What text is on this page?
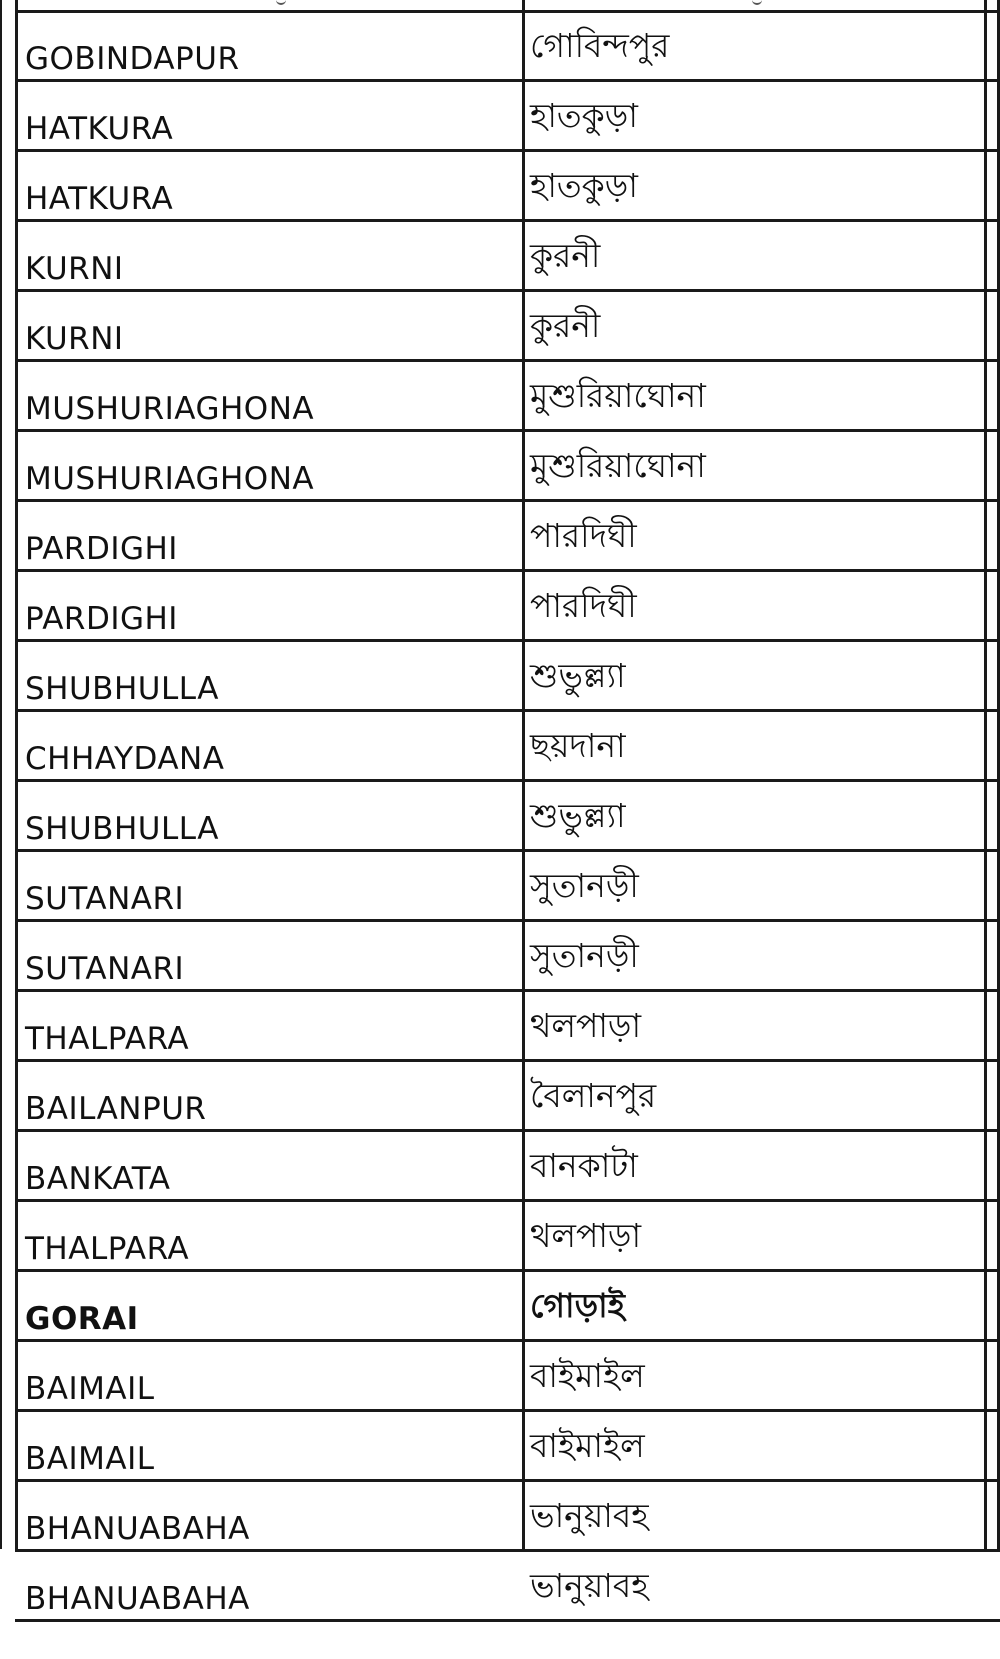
GOBINDAPUR	গোবিন্দপুর
HATKURA	হাতকুড়া
HATKURA	হাতকুড়া
KURNI	কুরনী
KURNI	কুরনী
MUSHURIAGHONA	মুশুরিয়াঘোনা
MUSHURIAGHONA	মুশুরিয়াঘোনা
PARDIGHI	পারদিঘী
PARDIGHI	পারদিঘী
SHUBHULLA	শুভুল্ল্যা
CHHAYDANA	ছয়দানা
SHUBHULLA	শুভুল্ল্যা
SUTANARI	সুতানড়ী
SUTANARI	সুতানড়ী
THALPARA	থলপাড়া
BAILANPUR	বৈলানপুর
BANKATA	বানকাটা
THALPARA	থলপাড়া
GORAI	গোড়াই
BAIMAIL	বাইমাইল
BAIMAIL	বাইমাইল
BHANUABAHA	ভানুয়াবহ
BHANUABAHA	ভানুয়াবহ
